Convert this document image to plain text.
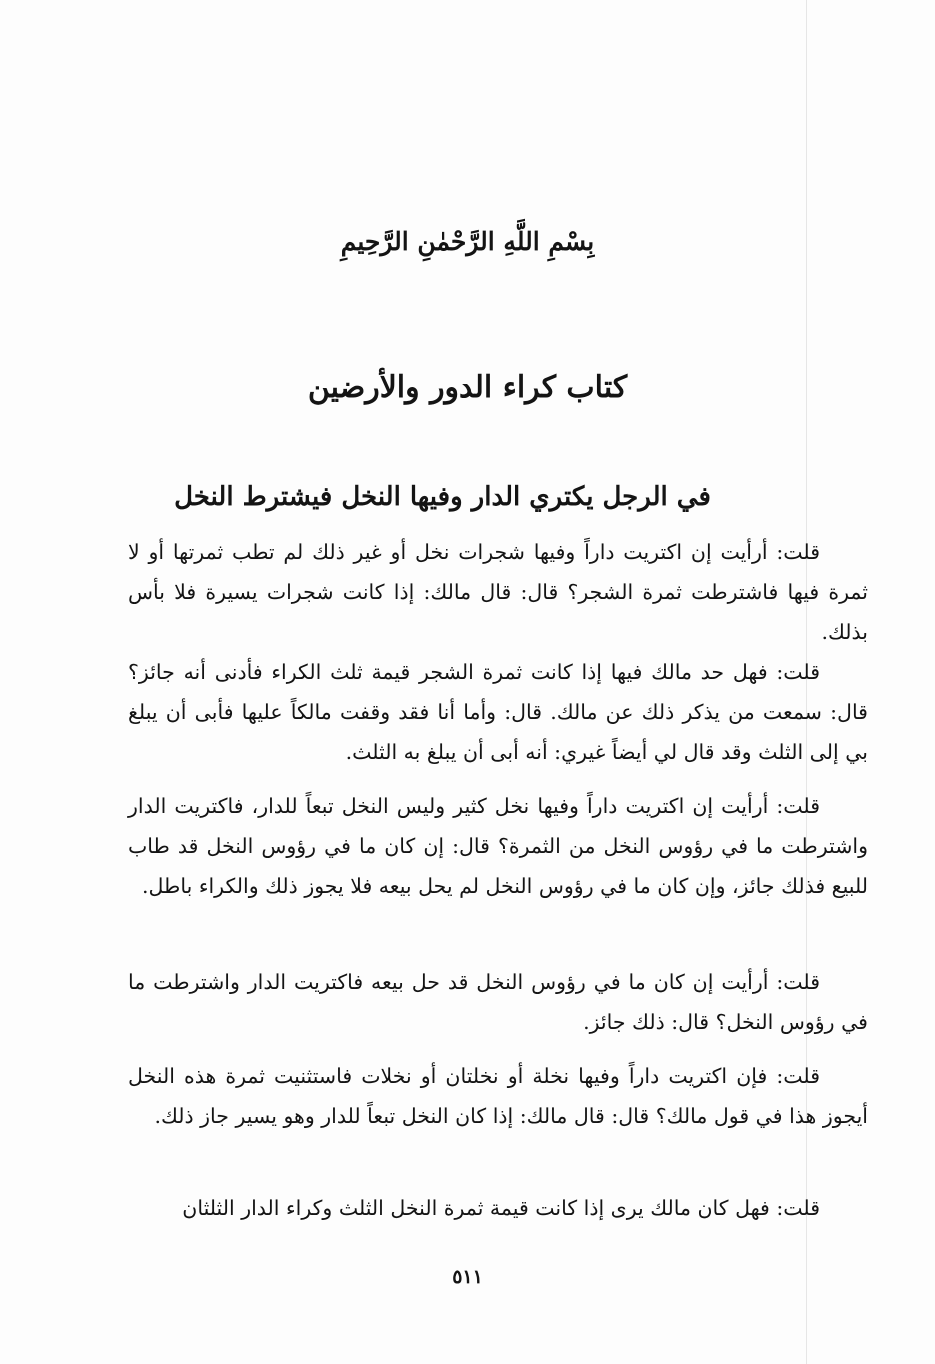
بِسْمِ اللَّهِ الرَّحْمٰنِ الرَّحِيمِ
كتاب كراء الدور والأرضين
في الرجل يكتري الدار وفيها النخل فيشترط النخل

قلت: أرأيت إن اكتريت داراً وفيها شجرات نخل أو غير ذلك لم تطب ثمرتها أو لا ثمرة فيها فاشترطت ثمرة الشجر؟ قال: قال مالك: إذا كانت شجرات يسيرة فلا بأس بذلك.

قلت: فهل حد مالك فيها إذا كانت ثمرة الشجر قيمة ثلث الكراء فأدنى أنه جائز؟ قال: سمعت من يذكر ذلك عن مالك. قال: وأما أنا فقد وقفت مالكاً عليها فأبى أن يبلغ بي إلى الثلث وقد قال لي أيضاً غيري: أنه أبى أن يبلغ به الثلث.

قلت: أرأيت إن اكتريت داراً وفيها نخل كثير وليس النخل تبعاً للدار، فاكتريت الدار واشترطت ما في رؤوس النخل من الثمرة؟ قال: إن كان ما في رؤوس النخل قد طاب للبيع فذلك جائز، وإن كان ما في رؤوس النخل لم يحل بيعه فلا يجوز ذلك والكراء باطل.

قلت: أرأيت إن كان ما في رؤوس النخل قد حل بيعه فاكتريت الدار واشترطت ما في رؤوس النخل؟ قال: ذلك جائز.

قلت: فإن اكتريت داراً وفيها نخلة أو نخلتان أو نخلات فاستثنيت ثمرة هذه النخل أيجوز هذا في قول مالك؟ قال: قال مالك: إذا كان النخل تبعاً للدار وهو يسير جاز ذلك.

قلت: فهل كان مالك يرى إذا كانت قيمة ثمرة النخل الثلث وكراء الدار الثلثان

٥١١
